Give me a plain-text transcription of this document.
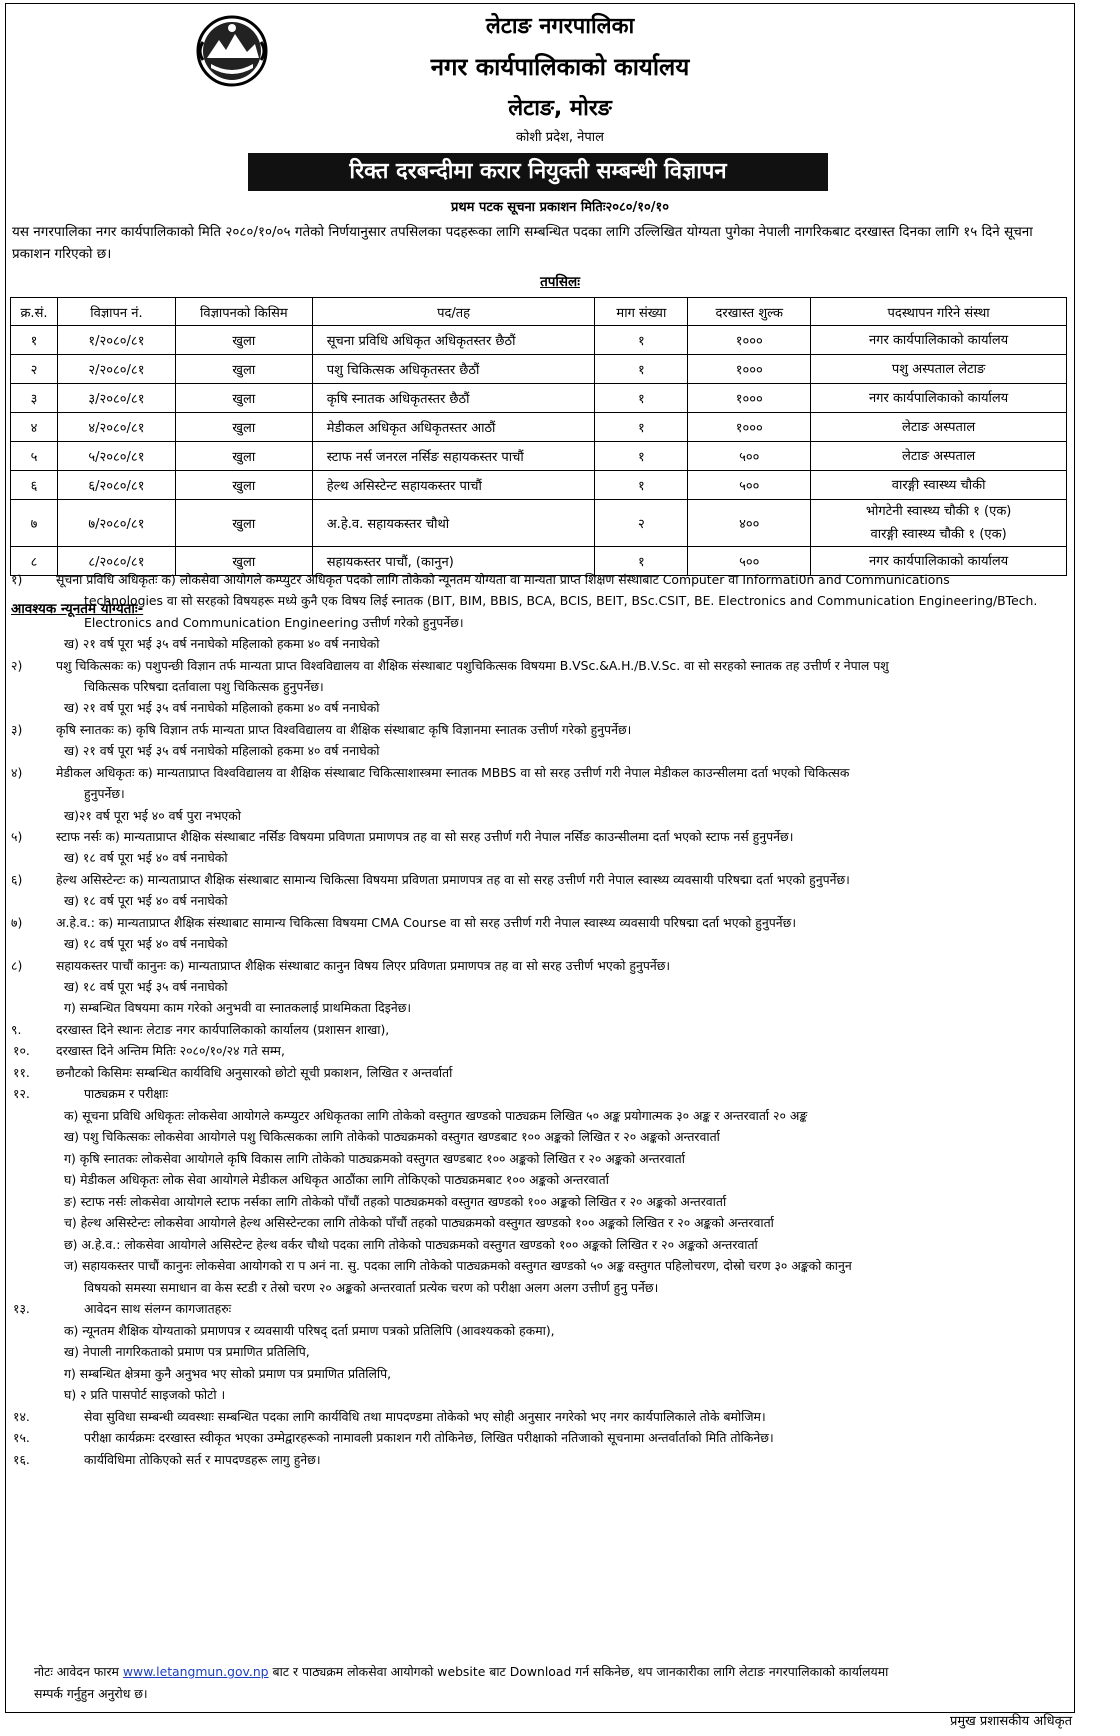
लेटाङ नगरपालिका
नगर कार्यपालिकाको कार्यालय
लेटाङ, मोरङ
कोशी प्रदेश, नेपाल
रिक्त दरबन्दीमा करार नियुक्ती सम्बन्धी विज्ञापन
प्रथम पटक सूचना प्रकाशन मितिः२०८०/१०/१०
यस नगरपालिका नगर कार्यपालिकाको मिति २०८०/१०/०५ गतेको निर्णयानुसार तपसिलका पदहरूका लागि सम्बन्धित पदका लागि उल्लिखित योग्यता पुगेका नेपाली नागरिकबाट दरखास्त दिनका लागि १५ दिने सूचना प्रकाशन गरिएको छ।
तपसिलः
क्र.सं.	विज्ञापन नं.	विज्ञापनको किसिम	पद/तह	माग संख्या	दरखास्त शुल्क	पदस्थापन गरिने संस्था
१	१/२०८०/८१	खुला	सूचना प्रविधि अधिकृत अधिकृतस्तर छैठौं	१	१०००	नगर कार्यपालिकाको कार्यालय

२	२/२०८०/८१	खुला	पशु चिकित्सक अधिकृतस्तर छैठौं	१	१०००	पशु अस्पताल लेटाङ

३	३/२०८०/८१	खुला	कृषि स्नातक अधिकृतस्तर छैठौं	१	१०००	नगर कार्यपालिकाको कार्यालय

४	४/२०८०/८१	खुला	मेडीकल अधिकृत अधिकृतस्तर आठौं	१	१०००	लेटाङ अस्पताल

५	५/२०८०/८१	खुला	स्टाफ नर्स जनरल नर्सिङ सहायकस्तर पाचौं	१	५००	लेटाङ अस्पताल

६	६/२०८०/८१	खुला	हेल्थ असिस्टेन्ट सहायकस्तर पाचौं	१	५००	वारङ्गी स्वास्थ्य चौकी

७	७/२०८०/८१	खुला	अ.हे.व. सहायकस्तर चौथो	२	४००	भोगटेनी स्वास्थ्य चौकी १ (एक)
वारङ्गी स्वास्थ्य चौकी १ (एक)

८	८/२०८०/८१	खुला	सहायकस्तर पाचौं, (कानुन)	१	५००	नगर कार्यपालिकाको कार्यालय
आवश्यक न्यूनतम योग्यताः-
१)	सूचना प्रविधि अधिकृतः क) लोकसेवा आयोगले कम्प्युटर अधिकृत पदको लागि तोकेको न्यूनतम योग्यता वा मान्यता प्राप्त शिक्षण संस्थाबाट Computer वा Informati0n and Communications
technologies वा सो सरहको विषयहरू मध्ये कुनै एक विषय लिई स्नातक (BIT, BIM, BBIS, BCA, BCIS, BEIT, BSc.CSIT, BE. Electronics and Communication Engineering/BTech.
Electronics and Communication Engineering उत्तीर्ण गरेको हुनुपर्नेछ।
ख) २१ वर्ष पूरा भई ३५ वर्ष ननाघेको महिलाको हकमा ४० वर्ष ननाघेको
२)	पशु चिकित्सकः क) पशुपन्छी विज्ञान तर्फ मान्यता प्राप्त विश्वविद्यालय वा शैक्षिक संस्थाबाट पशुचिकित्सक विषयमा B.VSc.&A.H./B.V.Sc. वा सो सरहको स्नातक तह उत्तीर्ण र नेपाल पशु
चिकित्सक परिषद्मा दर्तावाला पशु चिकित्सक हुनुपर्नेछ।
ख) २१ वर्ष पूरा भई ३५ वर्ष ननाघेको महिलाको हकमा ४० वर्ष ननाघेको
३)	कृषि स्नातकः क) कृषि विज्ञान तर्फ मान्यता प्राप्त विश्वविद्यालय वा शैक्षिक संस्थाबाट कृषि विज्ञानमा स्नातक उत्तीर्ण गरेको हुनुपर्नेछ।
ख) २१ वर्ष पूरा भई ३५ वर्ष ननाघेको महिलाको हकमा ४० वर्ष ननाघेको
४)	मेडीकल अधिकृतः क) मान्यताप्राप्त विश्वविद्यालय वा शैक्षिक संस्थाबाट चिकित्साशास्त्रमा स्नातक MBBS वा सो सरह उत्तीर्ण गरी नेपाल मेडीकल काउन्सीलमा दर्ता भएको चिकित्सक
हुनुपर्नेछ।
ख)२१ वर्ष पूरा भई ४० वर्ष पुरा नभएको
५)	स्टाफ नर्सः क) मान्यताप्राप्त शैक्षिक संस्थाबाट नर्सिङ विषयमा प्रविणता प्रमाणपत्र तह वा सो सरह उत्तीर्ण गरी नेपाल नर्सिङ काउन्सीलमा दर्ता भएको स्टाफ नर्स हुनुपर्नेछ।
ख) १८ वर्ष पूरा भई ४० वर्ष ननाघेको
६)	हेल्थ असिस्टेन्टः क) मान्यताप्राप्त शैक्षिक संस्थाबाट सामान्य चिकित्सा विषयमा प्रविणता प्रमाणपत्र तह वा सो सरह उत्तीर्ण गरी नेपाल स्वास्थ्य व्यवसायी परिषद्मा दर्ता भएको हुनुपर्नेछ।
ख) १८ वर्ष पूरा भई ४० वर्ष ननाघेको
७)	अ.हे.व.: क) मान्यताप्राप्त शैक्षिक संस्थाबाट सामान्य चिकित्सा विषयमा CMA Course वा सो सरह उत्तीर्ण गरी नेपाल स्वास्थ्य व्यवसायी परिषद्मा दर्ता भएको हुनुपर्नेछ।
ख) १८ वर्ष पूरा भई ४० वर्ष ननाघेको
८)	सहायकस्तर पाचौं कानुनः क) मान्यताप्राप्त शैक्षिक संस्थाबाट कानुन विषय लिएर प्रविणता प्रमाणपत्र तह वा सो सरह उत्तीर्ण भएको हुनुपर्नेछ।
ख) १८ वर्ष पूरा भई ३५ वर्ष ननाघेको
ग) सम्बन्धित विषयमा काम गरेको अनुभवी वा स्नातकलाई प्राथमिकता दिइनेछ।
९.	दरखास्त दिने स्थानः लेटाङ नगर कार्यपालिकाको कार्यालय (प्रशासन शाखा),
१०. दरखास्त दिने अन्तिम मितिः २०८०/१०/२४ गते सम्म,
११. छनौटको किसिमः सम्बन्धित कार्यविधि अनुसारको छोटो सूची प्रकाशन, लिखित र अन्तर्वार्ता
१२.	पाठ्यक्रम र परीक्षाः
क) सूचना प्रविधि अधिकृतः लोकसेवा आयोगले कम्प्युटर अधिकृतका लागि तोकेको वस्तुगत खण्डको पाठ्यक्रम लिखित ५० अङ्क प्रयोगात्मक ३० अङ्क र अन्तरवार्ता २० अङ्क
ख) पशु चिकित्सकः लोकसेवा आयोगले पशु चिकित्सकका लागि तोकेको पाठ्यक्रमको वस्तुगत खण्डबाट १०० अङ्कको लिखित र २० अङ्कको अन्तरवार्ता
ग) कृषि स्नातकः लोकसेवा आयोगले कृषि विकास लागि तोकेको पाठ्यक्रमको वस्तुगत खण्डबाट १०० अङ्कको लिखित र २० अङ्कको अन्तरवार्ता
घ) मेडीकल अधिकृतः लोक सेवा आयोगले मेडीकल अधिकृत आठौंका लागि तोकिएको पाठ्यक्रमबाट १०० अङ्कको अन्तरवार्ता
ङ) स्टाफ नर्सः लोकसेवा आयोगले स्टाफ नर्सका लागि तोकेको पाँचौं तहको पाठ्यक्रमको वस्तुगत खण्डको १०० अङ्कको लिखित र २० अङ्कको अन्तरवार्ता
च) हेल्थ असिस्टेन्टः लोकसेवा आयोगले हेल्थ असिस्टेन्टका लागि तोकेको पाँचौं तहको पाठ्यक्रमको वस्तुगत खण्डको १०० अङ्कको लिखित र २० अङ्कको अन्तरवार्ता
छ) अ.हे.व.: लोकसेवा आयोगले असिस्टेन्ट हेल्थ वर्कर चौथो पदका लागि तोकेको पाठ्यक्रमको वस्तुगत खण्डको १०० अङ्कको लिखित र २० अङ्कको अन्तरवार्ता
ज) सहायकस्तर पाचौं कानुनः लोकसेवा आयोगको रा प अनं ना. सु. पदका लागि तोकेको पाठ्यक्रमको वस्तुगत खण्डको ५० अङ्क वस्तुगत पहिलोचरण, दोस्रो चरण ३० अङ्कको कानुन
विषयको समस्या समाधान वा केस स्टडी र तेस्रो चरण २० अङ्कको अन्तरवार्ता प्रत्येक चरण को परीक्षा अलग अलग उत्तीर्ण हुनु पर्नेछ।
१३.	आवेदन साथ संलग्न कागजातहरुः
क) न्यूनतम शैक्षिक योग्यताको प्रमाणपत्र र व्यवसायी परिषद् दर्ता प्रमाण पत्रको प्रतिलिपि (आवश्यकको हकमा),
ख) नेपाली नागरिकताको प्रमाण पत्र प्रमाणित प्रतिलिपि,
ग) सम्बन्धित क्षेत्रमा कुनै अनुभव भए सोको प्रमाण पत्र प्रमाणित प्रतिलिपि,
घ) २ प्रति पासपोर्ट साइजको फोटो ।
१४.	सेवा सुविधा सम्बन्धी व्यवस्थाः सम्बन्धित पदका लागि कार्यविधि तथा मापदण्डमा तोकेको भए सोही अनुसार नगरेको भए नगर कार्यपालिकाले तोके बमोजिम।
१५.	परीक्षा कार्यक्रमः दरखास्त स्वीकृत भएका उम्मेद्वारहरूको नामावली प्रकाशन गरी तोकिनेछ, लिखित परीक्षाको नतिजाको सूचनामा अन्तर्वार्ताको मिति तोकिनेछ।
१६.	कार्यविधिमा तोकिएको सर्त र मापदण्डहरू लागु हुनेछ।
नोटः आवेदन फारम www.letangmun.gov.np बाट र पाठ्यक्रम लोकसेवा आयोगको website बाट Download गर्न सकिनेछ, थप जानकारीका लागि लेटाङ नगरपालिकाको कार्यालयमा
सम्पर्क गर्नुहुन अनुरोध छ।
प्रमुख प्रशासकीय अधिकृत
